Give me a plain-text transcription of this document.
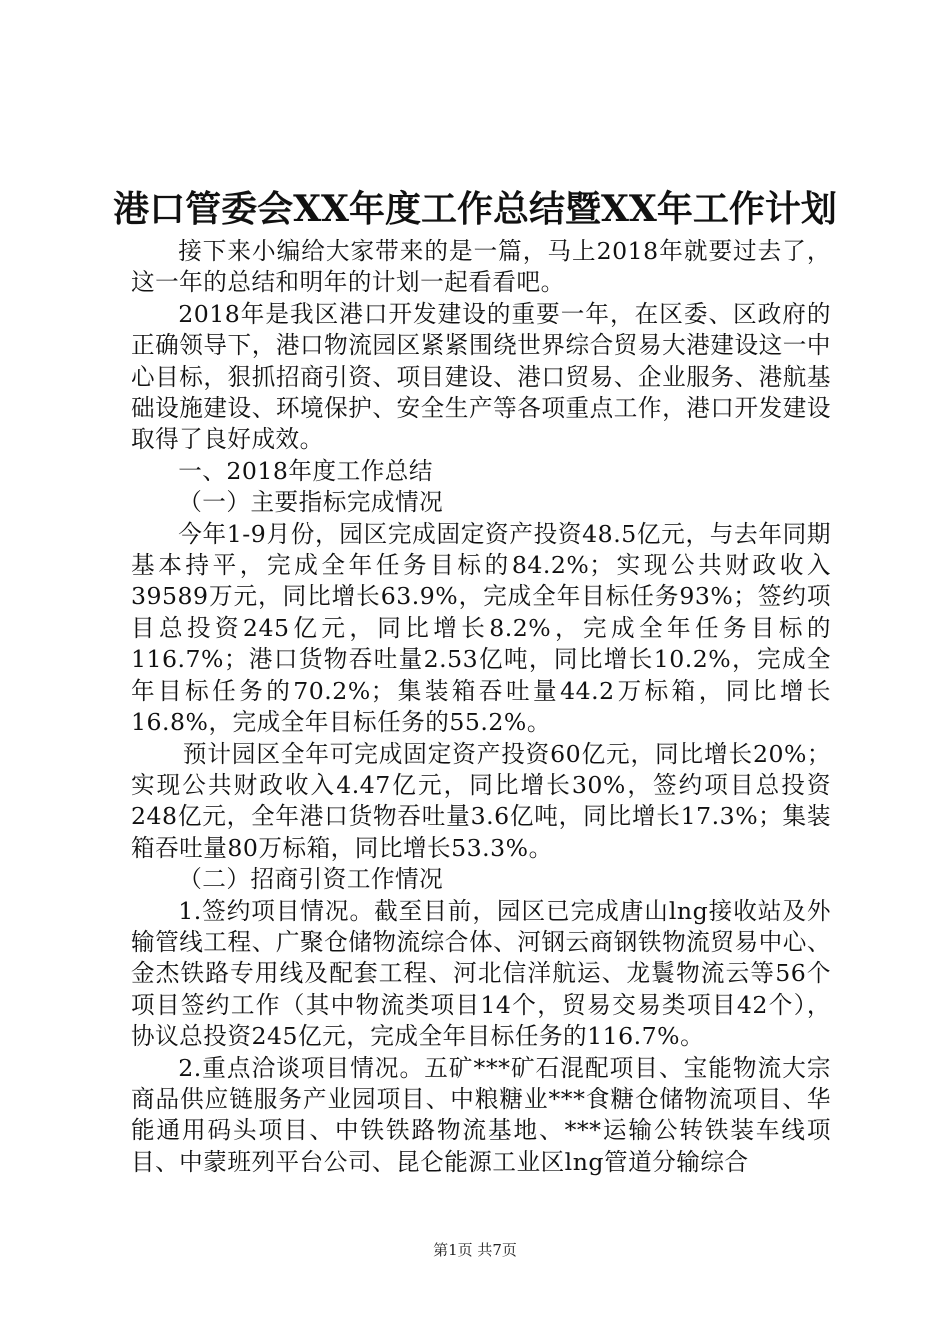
港口管委会XX年度工作总结暨XX年工作计划

接下来小编给大家带来的是一篇，马上2018年就要过去了，这一年的总结和明年的计划一起看看吧。

2018年是我区港口开发建设的重要一年，在区委、区政府的正确领导下，港口物流园区紧紧围绕世界综合贸易大港建设这一中心目标，狠抓招商引资、项目建设、港口贸易、企业服务、港航基础设施建设、环境保护、安全生产等各项重点工作，港口开发建设取得了良好成效。

一、2018年度工作总结

（一）主要指标完成情况

今年1-9月份，园区完成固定资产投资48.5亿元，与去年同期基本持平，完成全年任务目标的84.2%；实现公共财政收入39589万元，同比增长63.9%，完成全年目标任务93%；签约项目总投资245亿元，同比增长8.2%，完成全年任务目标的116.7%；港口货物吞吐量2.53亿吨，同比增长10.2%，完成全年目标任务的70.2%；集装箱吞吐量44.2万标箱，同比增长16.8%，完成全年目标任务的55.2%。

预计园区全年可完成固定资产投资60亿元，同比增长20%；实现公共财政收入4.47亿元，同比增长30%，签约项目总投资248亿元，全年港口货物吞吐量3.6亿吨，同比增长17.3%；集装箱吞吐量80万标箱，同比增长53.3%。

（二）招商引资工作情况

1.签约项目情况。截至目前，园区已完成唐山lng接收站及外输管线工程、广聚仓储物流综合体、河钢云商钢铁物流贸易中心、金杰铁路专用线及配套工程、河北信洋航运、龙鬟物流云等56个项目签约工作（其中物流类项目14个，贸易交易类项目42个），协议总投资245亿元，完成全年目标任务的116.7%。

2.重点洽谈项目情况。五矿***矿石混配项目、宝能物流大宗商品供应链服务产业园项目、中粮糖业***食糖仓储物流项目、华能通用码头项目、中铁铁路物流基地、***运输公转铁装车线项目、中蒙班列平台公司、昆仑能源工业区lng管道分输综合

第1页 共7页
